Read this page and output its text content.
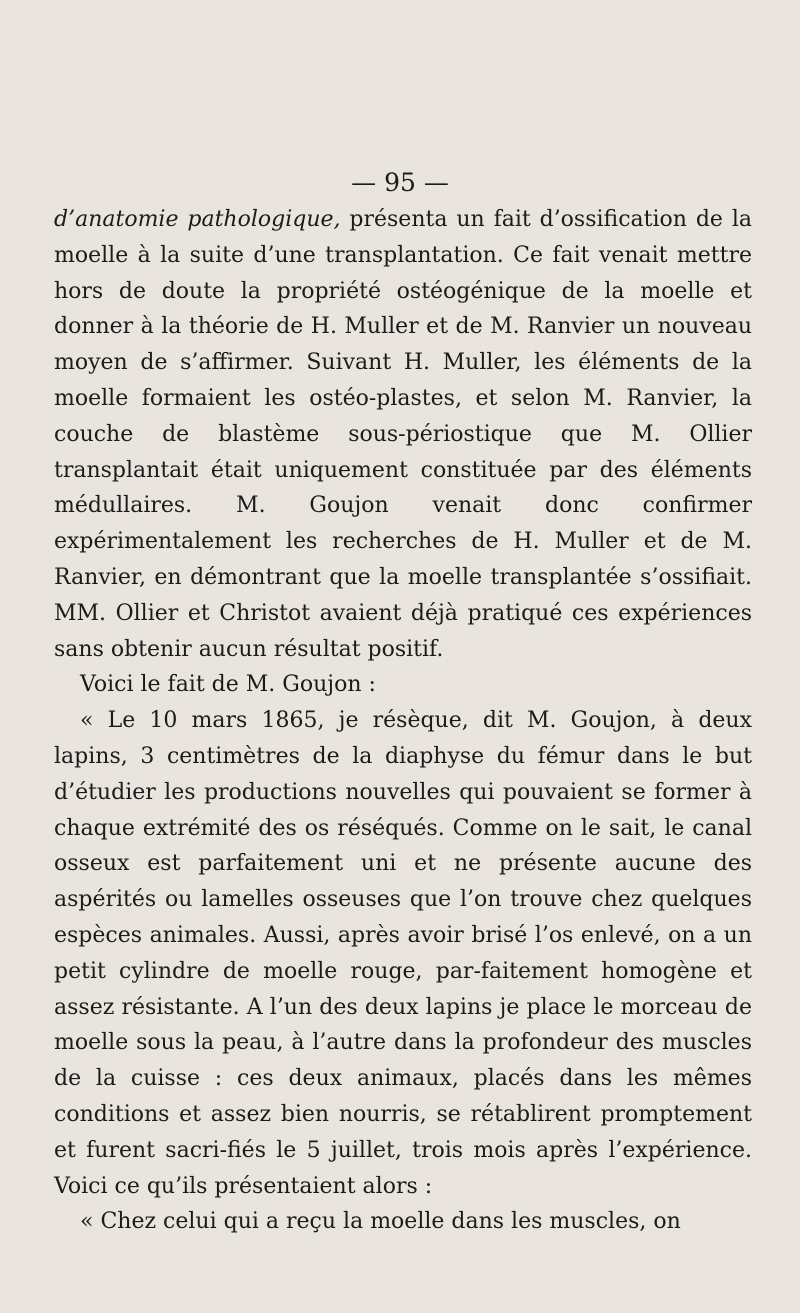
— 95 —

d’anatomie pathologique, présenta un fait d’ossification de la moelle à la suite d’une transplantation. Ce fait venait mettre hors de doute la propriété ostéogénique de la moelle et donner à la théorie de H. Muller et de M. Ranvier un nouveau moyen de s’affirmer. Suivant H. Muller, les éléments de la moelle formaient les ostéo-plastes, et selon M. Ranvier, la couche de blastème sous-périostique que M. Ollier transplantait était uniquement constituée par des éléments médullaires. M. Goujon venait donc confirmer expérimentalement les recherches de H. Muller et de M. Ranvier, en démontrant que la moelle transplantée s’ossifiait. MM. Ollier et Christot avaient déjà pratiqué ces expériences sans obtenir aucun résultat positif.

Voici le fait de M. Goujon :

« Le 10 mars 1865, je résèque, dit M. Goujon, à deux lapins, 3 centimètres de la diaphyse du fémur dans le but d’étudier les productions nouvelles qui pouvaient se former à chaque extrémité des os réséqués. Comme on le sait, le canal osseux est parfaitement uni et ne présente aucune des aspérités ou lamelles osseuses que l’on trouve chez quelques espèces animales. Aussi, après avoir brisé l’os enlevé, on a un petit cylindre de moelle rouge, par-faitement homogène et assez résistante. A l’un des deux lapins je place le morceau de moelle sous la peau, à l’autre dans la profondeur des muscles de la cuisse : ces deux animaux, placés dans les mêmes conditions et assez bien nourris, se rétablirent promptement et furent sacri-fiés le 5 juillet, trois mois après l’expérience. Voici ce qu’ils présentaient alors :

« Chez celui qui a reçu la moelle dans les muscles, on
